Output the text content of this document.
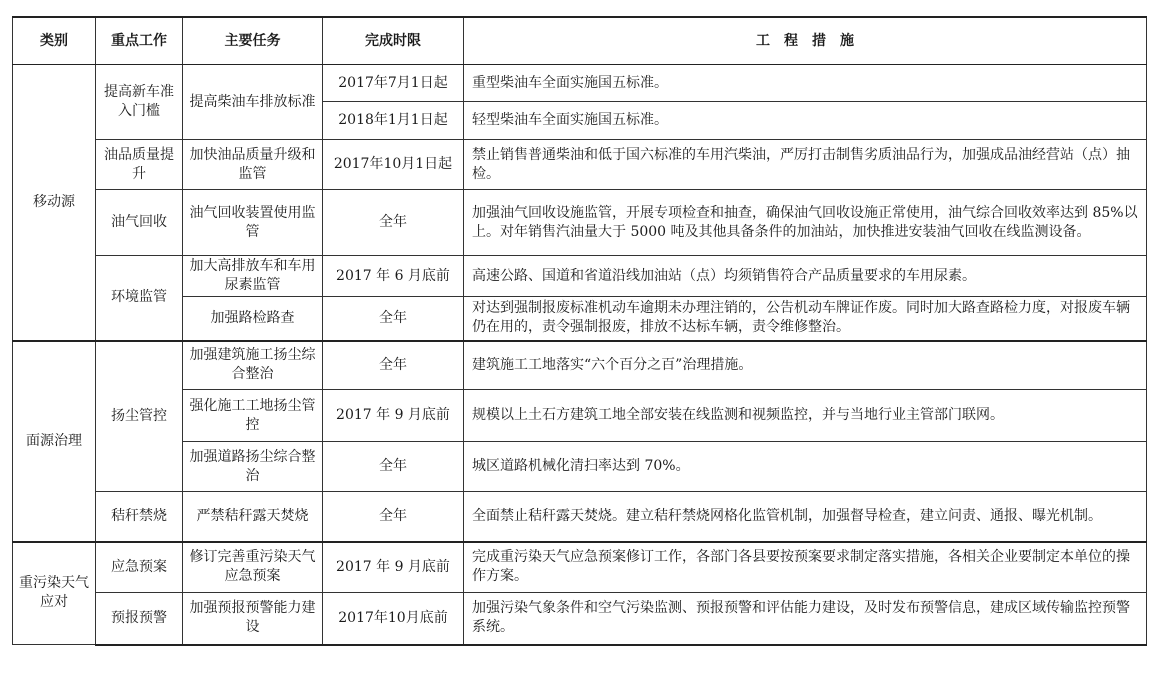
类别	重点工作	主要任务	完成时限	工　程　措　施
移动源	提高新车准入门槛	提高柴油车排放标准	2017年7月1日起	重型柴油车全面实施国五标准。
			2018年1月1日起	轻型柴油车全面实施国五标准。
	油品质量提升	加快油品质量升级和监管	2017年10月1日起	禁止销售普通柴油和低于国六标准的车用汽柴油，严厉打击制售劣质油品行为，加强成品油经营站（点）抽检。
	油气回收	油气回收装置使用监管	全年	加强油气回收设施监管，开展专项检查和抽查，确保油气回收设施正常使用，油气综合回收效率达到 85%以上。对年销售汽油量大于 5000 吨及其他具备条件的加油站，加快推进安装油气回收在线监测设备。
	环境监管	加大高排放车和车用尿素监管	2017 年 6 月底前	高速公路、国道和省道沿线加油站（点）均须销售符合产品质量要求的车用尿素。
		加强路检路查	全年	对达到强制报废标准机动车逾期未办理注销的，公告机动车牌证作废。同时加大路查路检力度，对报废车辆仍在用的，责令强制报废，排放不达标车辆，责令维修整治。
面源治理	扬尘管控	加强建筑施工扬尘综合整治	全年	建筑施工工地落实“六个百分之百”治理措施。
		强化施工工地扬尘管控	2017 年 9 月底前	规模以上土石方建筑工地全部安装在线监测和视频监控，并与当地行业主管部门联网。
		加强道路扬尘综合整治	全年	城区道路机械化清扫率达到 70%。
	秸秆禁烧	严禁秸秆露天焚烧	全年	全面禁止秸秆露天焚烧。建立秸秆禁烧网格化监管机制，加强督导检查，建立问责、通报、曝光机制。
重污染天气应对	应急预案	修订完善重污染天气应急预案	2017 年 9 月底前	完成重污染天气应急预案修订工作，各部门各县要按预案要求制定落实措施，各相关企业要制定本单位的操作方案。
	预报预警	加强预报预警能力建设	2017年10月底前	加强污染气象条件和空气污染监测、预报预警和评估能力建设，及时发布预警信息，建成区域传输监控预警系统。
